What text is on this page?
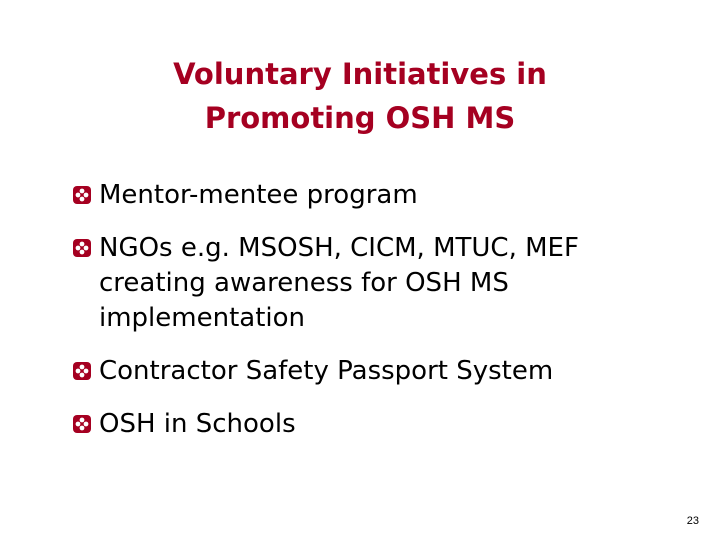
Voluntary Initiatives in
Promoting OSH MS
Mentor-mentee program
NGOs e.g. MSOSH, CICM, MTUC, MEF creating awareness for OSH MS implementation
Contractor Safety Passport System
OSH in Schools
23
